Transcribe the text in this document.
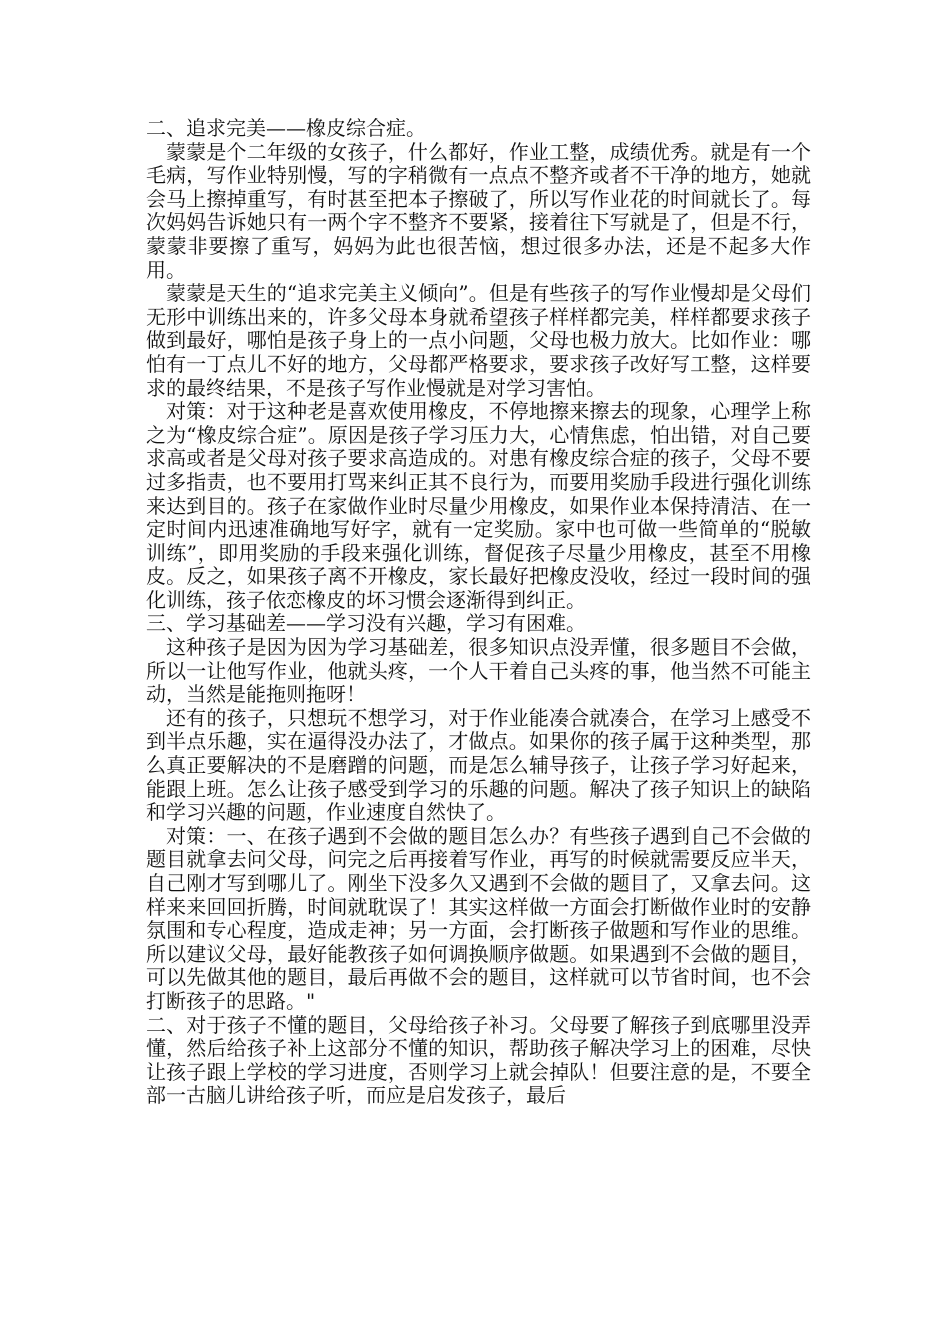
二、追求完美——橡皮综合症。

蒙蒙是个二年级的女孩子，什么都好，作业工整，成绩优秀。就是有一个毛病，写作业特别慢，写的字稍微有一点点不整齐或者不干净的地方，她就会马上擦掉重写，有时甚至把本子擦破了，所以写作业花的时间就长了。每次妈妈告诉她只有一两个字不整齐不要紧，接着往下写就是了，但是不行，蒙蒙非要擦了重写，妈妈为此也很苦恼，想过很多办法，还是不起多大作用。

蒙蒙是天生的“追求完美主义倾向”。但是有些孩子的写作业慢却是父母们无形中训练出来的，许多父母本身就希望孩子样样都完美，样样都要求孩子做到最好，哪怕是孩子身上的一点小问题，父母也极力放大。比如作业：哪怕有一丁点儿不好的地方，父母都严格要求，要求孩子改好写工整，这样要求的最终结果，不是孩子写作业慢就是对学习害怕。

对策：对于这种老是喜欢使用橡皮，不停地擦来擦去的现象，心理学上称之为“橡皮综合症”。原因是孩子学习压力大，心情焦虑，怕出错，对自己要求高或者是父母对孩子要求高造成的。对患有橡皮综合症的孩子，父母不要过多指责，也不要用打骂来纠正其不良行为，而要用奖励手段进行强化训练来达到目的。孩子在家做作业时尽量少用橡皮，如果作业本保持清洁、在一定时间内迅速准确地写好字，就有一定奖励。家中也可做一些简单的“脱敏训练”，即用奖励的手段来强化训练，督促孩子尽量少用橡皮，甚至不用橡皮。反之，如果孩子离不开橡皮，家长最好把橡皮没收，经过一段时间的强化训练，孩子依恋橡皮的坏习惯会逐渐得到纠正。

三、学习基础差——学习没有兴趣，学习有困难。

这种孩子是因为因为学习基础差，很多知识点没弄懂，很多题目不会做，所以一让他写作业，他就头疼，一个人干着自己头疼的事，他当然不可能主动，当然是能拖则拖呀！

还有的孩子，只想玩不想学习，对于作业能凑合就凑合，在学习上感受不到半点乐趣，实在逼得没办法了，才做点。如果你的孩子属于这种类型，那么真正要解决的不是磨蹭的问题，而是怎么辅导孩子，让孩子学习好起来，能跟上班。怎么让孩子感受到学习的乐趣的问题。解决了孩子知识上的缺陷和学习兴趣的问题，作业速度自然快了。

对策：一、在孩子遇到不会做的题目怎么办？有些孩子遇到自己不会做的题目就拿去问父母，问完之后再接着写作业，再写的时候就需要反应半天，自己刚才写到哪儿了。刚坐下没多久又遇到不会做的题目了，又拿去问。这样来来回回折腾，时间就耽误了！其实这样做一方面会打断做作业时的安静氛围和专心程度，造成走神；另一方面，会打断孩子做题和写作业的思维。所以建议父母，最好能教孩子如何调换顺序做题。如果遇到不会做的题目，可以先做其他的题目，最后再做不会的题目，这样就可以节省时间，也不会打断孩子的思路。"

二、对于孩子不懂的题目，父母给孩子补习。父母要了解孩子到底哪里没弄懂，然后给孩子补上这部分不懂的知识，帮助孩子解决学习上的困难，尽快让孩子跟上学校的学习进度，否则学习上就会掉队！但要注意的是，不要全部一古脑儿讲给孩子听，而应是启发孩子，最后
